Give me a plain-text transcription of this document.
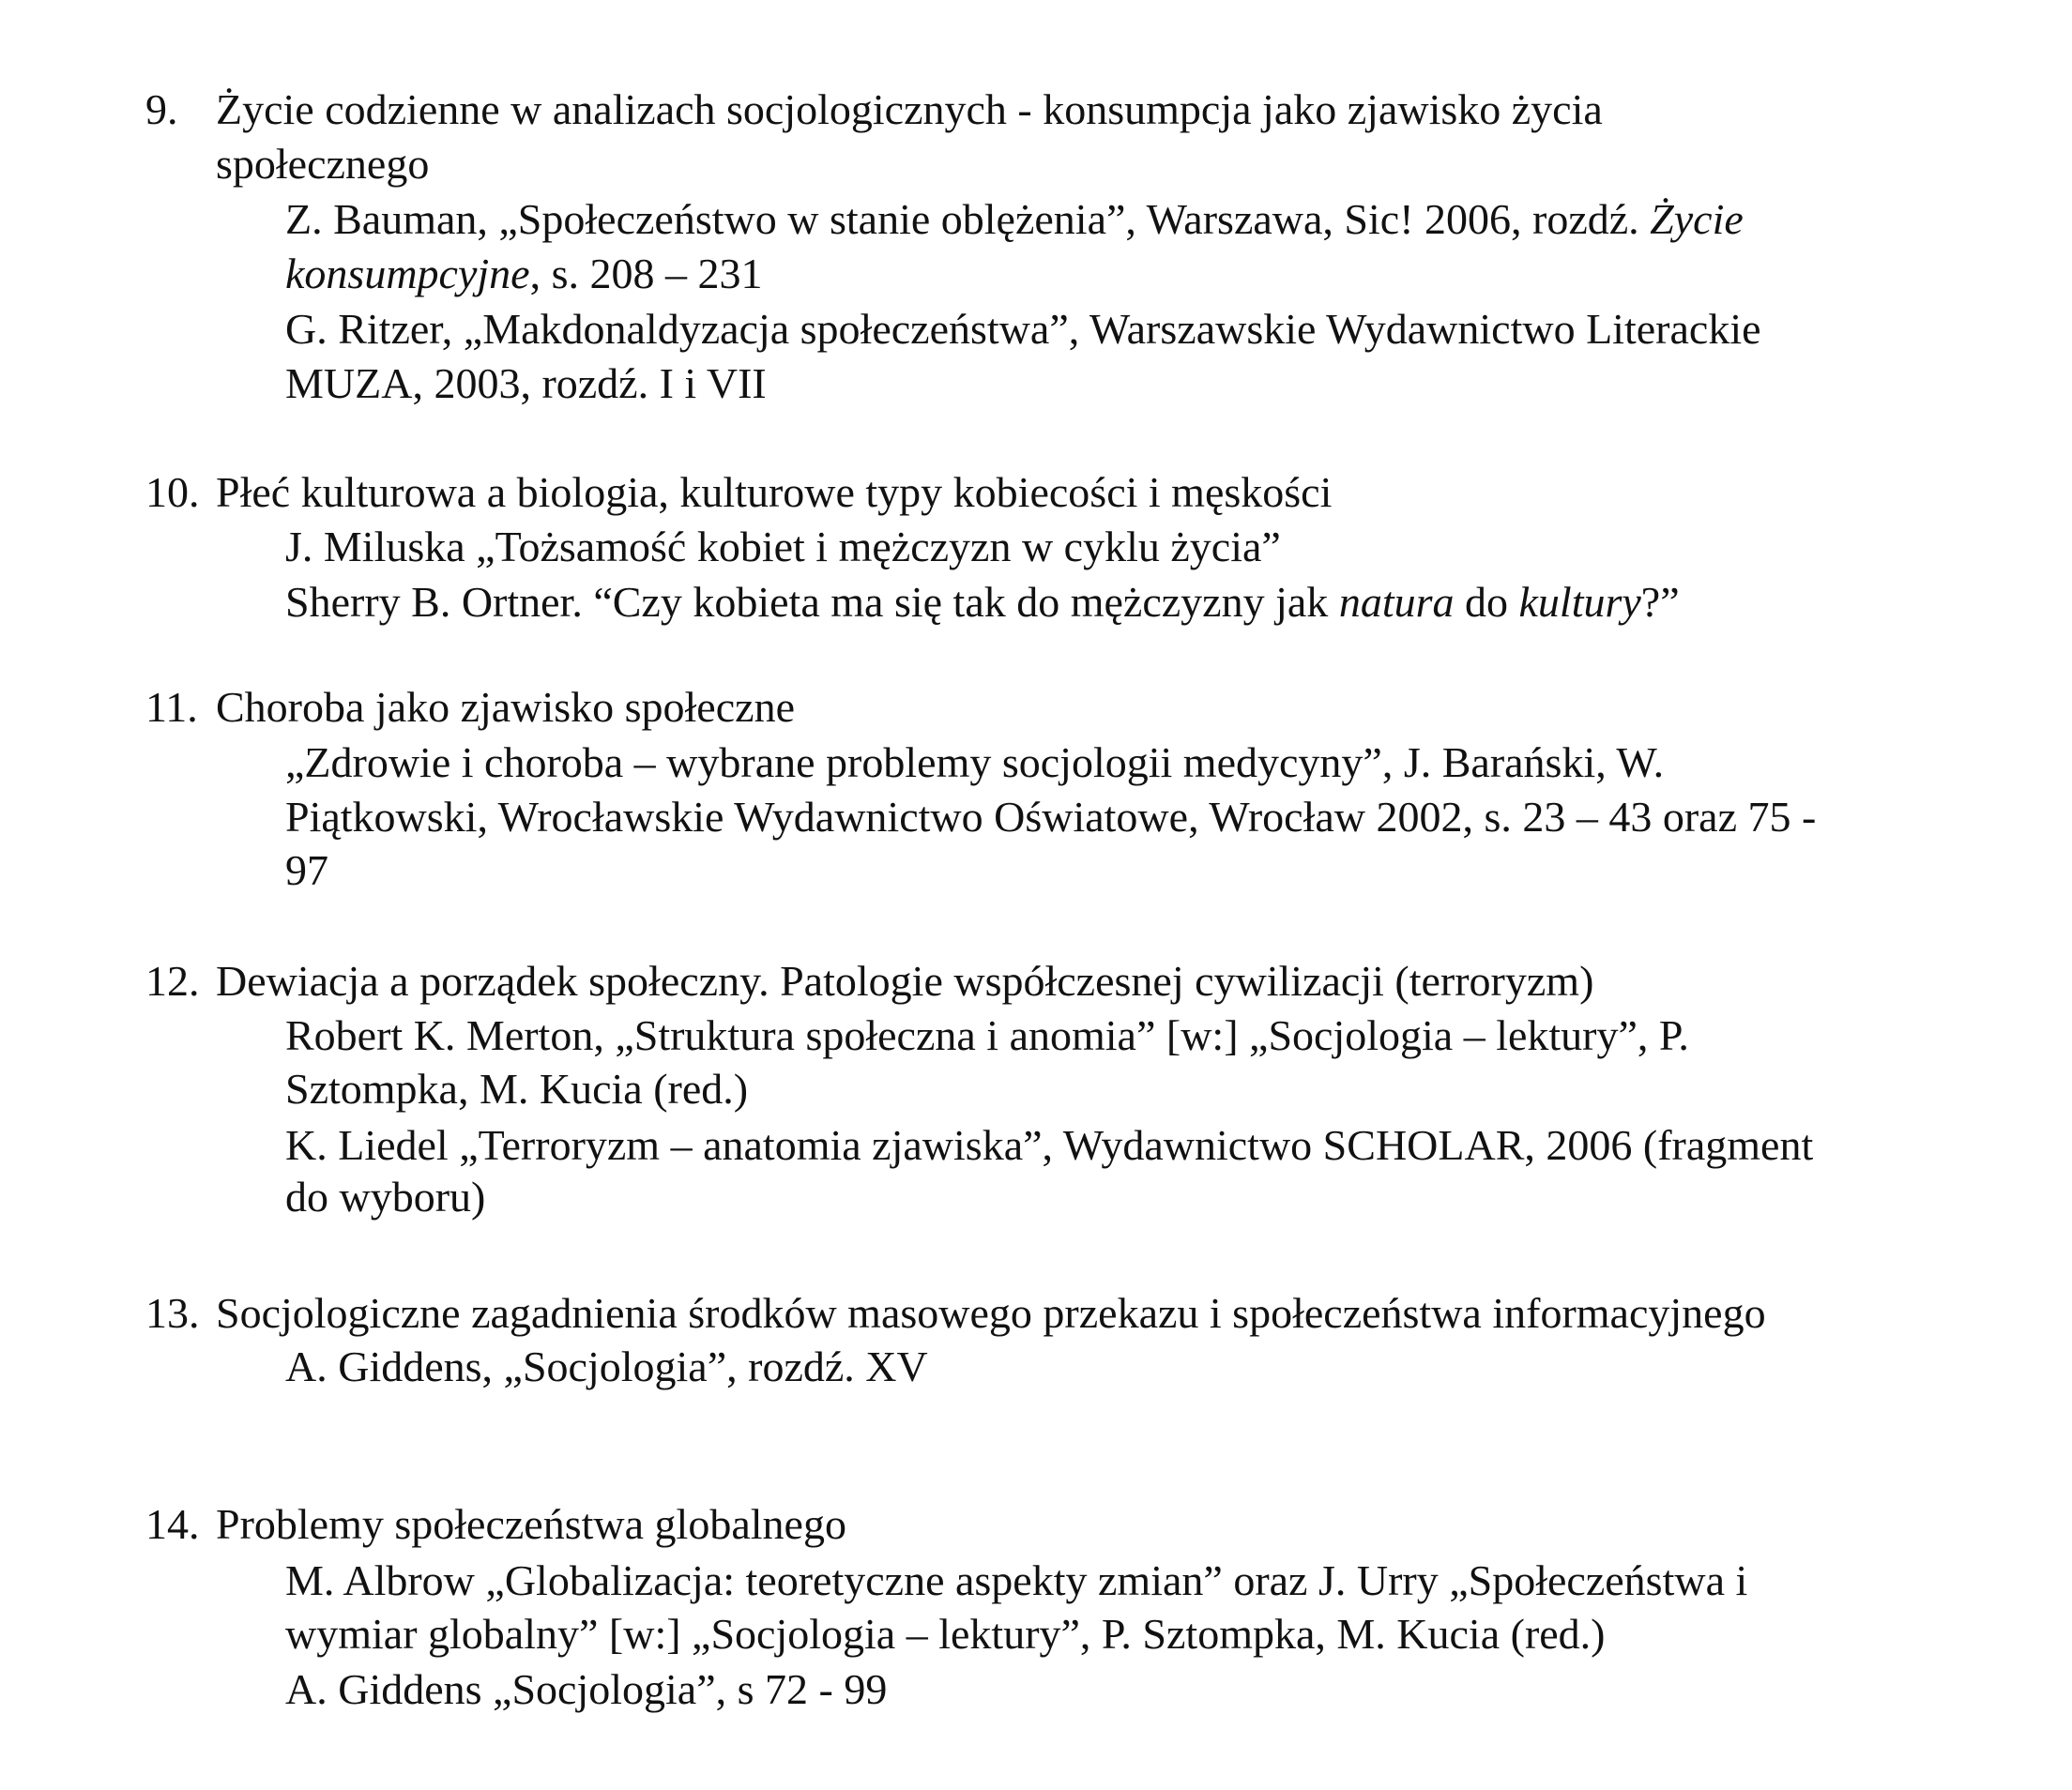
9. Życie codzienne w analizach socjologicznych - konsumpcja jako zjawisko życia
społecznego
Z. Bauman, „Społeczeństwo w stanie oblężenia”, Warszawa, Sic! 2006, rozdź. Życie
konsumpcyjne, s. 208 – 231
G. Ritzer, „Makdonaldyzacja społeczeństwa”, Warszawskie Wydawnictwo Literackie
MUZA, 2003, rozdź. I i VII
10. Płeć kulturowa a biologia, kulturowe typy kobiecości i męskości
J. Miluska „Tożsamość kobiet i mężczyzn w cyklu życia”
Sherry B. Ortner. “Czy kobieta ma się tak do mężczyzny jak natura do kultury?”
11. Choroba jako zjawisko społeczne
„Zdrowie i choroba – wybrane problemy socjologii medycyny”, J. Barański, W.
Piątkowski, Wrocławskie Wydawnictwo Oświatowe, Wrocław 2002, s. 23 – 43 oraz 75 -
97
12. Dewiacja a porządek społeczny. Patologie współczesnej cywilizacji (terroryzm)
Robert K. Merton, „Struktura społeczna i anomia” [w:] „Socjologia – lektury”, P.
Sztompka, M. Kucia (red.)
K. Liedel „Terroryzm – anatomia zjawiska”, Wydawnictwo SCHOLAR, 2006 (fragment
do wyboru)
13. Socjologiczne zagadnienia środków masowego przekazu i społeczeństwa informacyjnego
A. Giddens, „Socjologia”, rozdź. XV
14. Problemy społeczeństwa globalnego
M. Albrow „Globalizacja: teoretyczne aspekty zmian” oraz J. Urry „Społeczeństwa i
wymiar globalny” [w:] „Socjologia – lektury”, P. Sztompka, M. Kucia (red.)
A. Giddens „Socjologia”, s 72 - 99
